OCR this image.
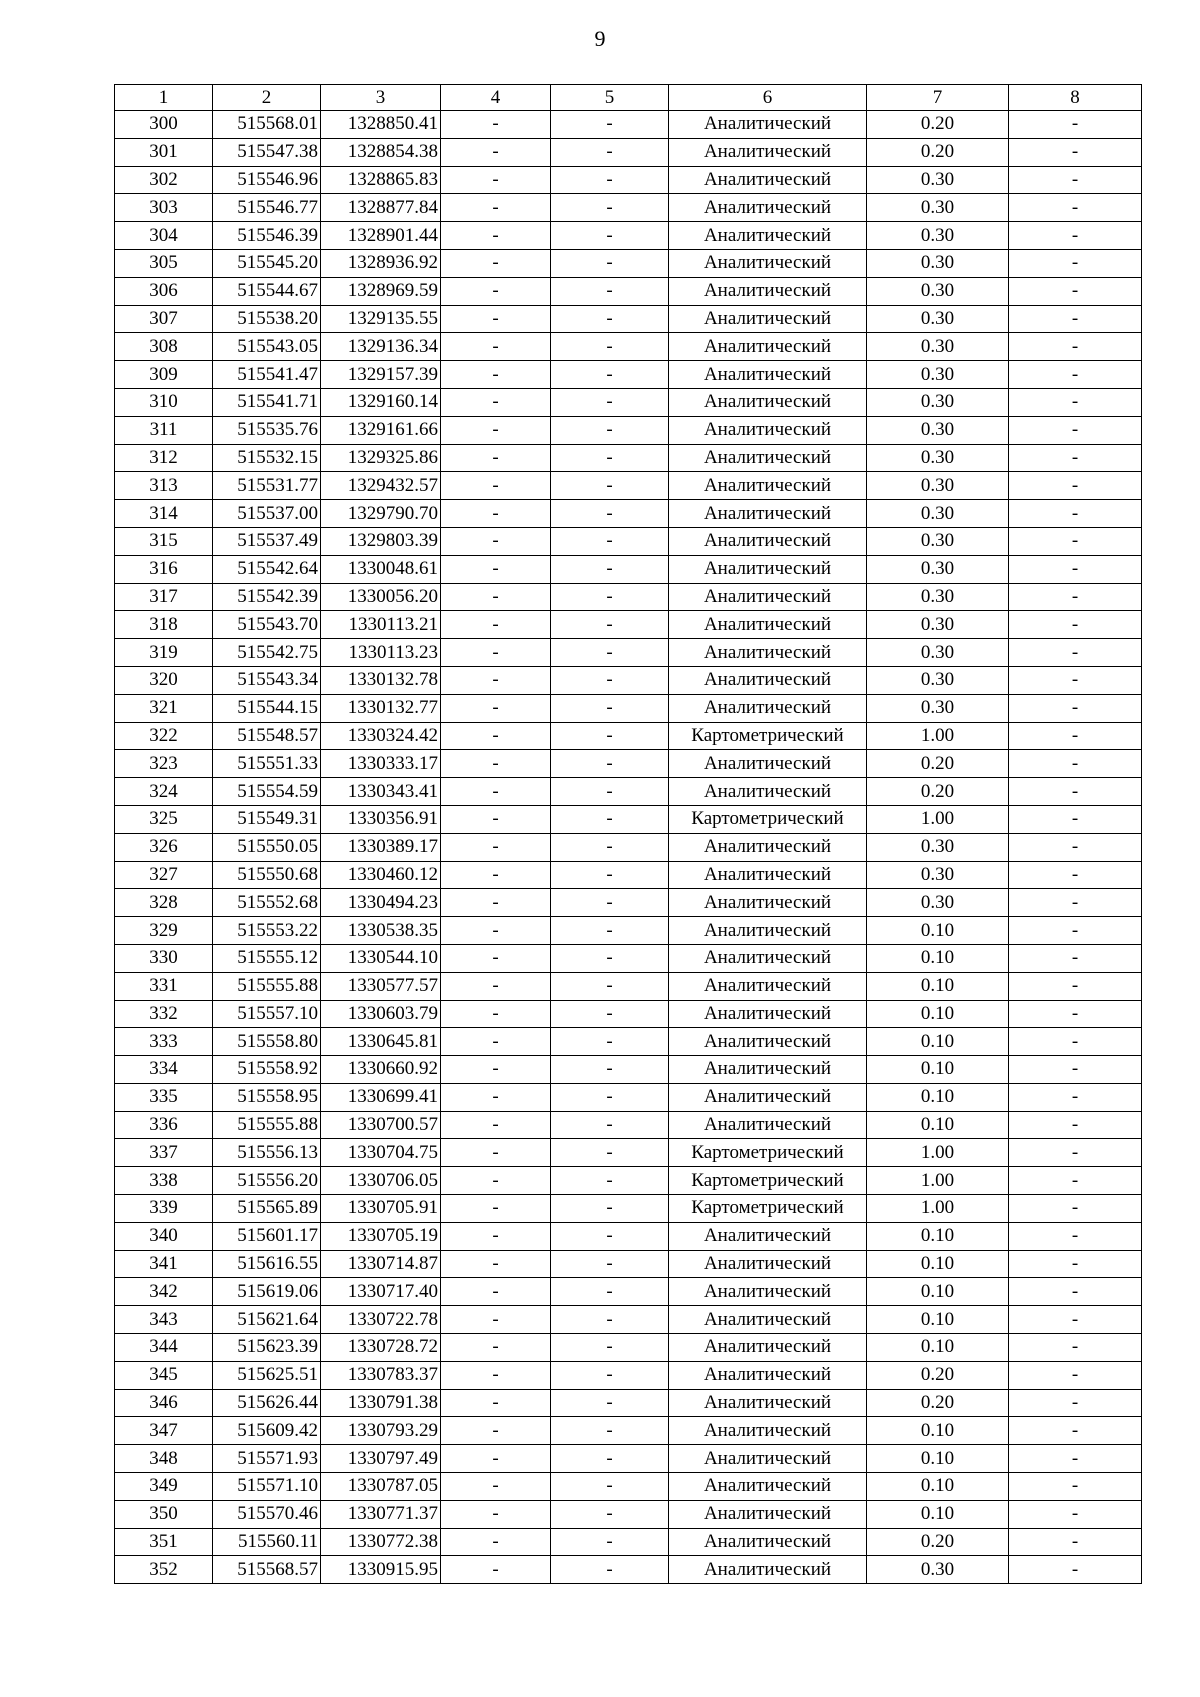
9
1	2	3	4	5	6	7	8
300	515568.01	1328850.41	-	-	Аналитический	0.20	-
301	515547.38	1328854.38	-	-	Аналитический	0.20	-
302	515546.96	1328865.83	-	-	Аналитический	0.30	-
303	515546.77	1328877.84	-	-	Аналитический	0.30	-
304	515546.39	1328901.44	-	-	Аналитический	0.30	-
305	515545.20	1328936.92	-	-	Аналитический	0.30	-
306	515544.67	1328969.59	-	-	Аналитический	0.30	-
307	515538.20	1329135.55	-	-	Аналитический	0.30	-
308	515543.05	1329136.34	-	-	Аналитический	0.30	-
309	515541.47	1329157.39	-	-	Аналитический	0.30	-
310	515541.71	1329160.14	-	-	Аналитический	0.30	-
311	515535.76	1329161.66	-	-	Аналитический	0.30	-
312	515532.15	1329325.86	-	-	Аналитический	0.30	-
313	515531.77	1329432.57	-	-	Аналитический	0.30	-
314	515537.00	1329790.70	-	-	Аналитический	0.30	-
315	515537.49	1329803.39	-	-	Аналитический	0.30	-
316	515542.64	1330048.61	-	-	Аналитический	0.30	-
317	515542.39	1330056.20	-	-	Аналитический	0.30	-
318	515543.70	1330113.21	-	-	Аналитический	0.30	-
319	515542.75	1330113.23	-	-	Аналитический	0.30	-
320	515543.34	1330132.78	-	-	Аналитический	0.30	-
321	515544.15	1330132.77	-	-	Аналитический	0.30	-
322	515548.57	1330324.42	-	-	Картометрический	1.00	-
323	515551.33	1330333.17	-	-	Аналитический	0.20	-
324	515554.59	1330343.41	-	-	Аналитический	0.20	-
325	515549.31	1330356.91	-	-	Картометрический	1.00	-
326	515550.05	1330389.17	-	-	Аналитический	0.30	-
327	515550.68	1330460.12	-	-	Аналитический	0.30	-
328	515552.68	1330494.23	-	-	Аналитический	0.30	-
329	515553.22	1330538.35	-	-	Аналитический	0.10	-
330	515555.12	1330544.10	-	-	Аналитический	0.10	-
331	515555.88	1330577.57	-	-	Аналитический	0.10	-
332	515557.10	1330603.79	-	-	Аналитический	0.10	-
333	515558.80	1330645.81	-	-	Аналитический	0.10	-
334	515558.92	1330660.92	-	-	Аналитический	0.10	-
335	515558.95	1330699.41	-	-	Аналитический	0.10	-
336	515555.88	1330700.57	-	-	Аналитический	0.10	-
337	515556.13	1330704.75	-	-	Картометрический	1.00	-
338	515556.20	1330706.05	-	-	Картометрический	1.00	-
339	515565.89	1330705.91	-	-	Картометрический	1.00	-
340	515601.17	1330705.19	-	-	Аналитический	0.10	-
341	515616.55	1330714.87	-	-	Аналитический	0.10	-
342	515619.06	1330717.40	-	-	Аналитический	0.10	-
343	515621.64	1330722.78	-	-	Аналитический	0.10	-
344	515623.39	1330728.72	-	-	Аналитический	0.10	-
345	515625.51	1330783.37	-	-	Аналитический	0.20	-
346	515626.44	1330791.38	-	-	Аналитический	0.20	-
347	515609.42	1330793.29	-	-	Аналитический	0.10	-
348	515571.93	1330797.49	-	-	Аналитический	0.10	-
349	515571.10	1330787.05	-	-	Аналитический	0.10	-
350	515570.46	1330771.37	-	-	Аналитический	0.10	-
351	515560.11	1330772.38	-	-	Аналитический	0.20	-
352	515568.57	1330915.95	-	-	Аналитический	0.30	-
